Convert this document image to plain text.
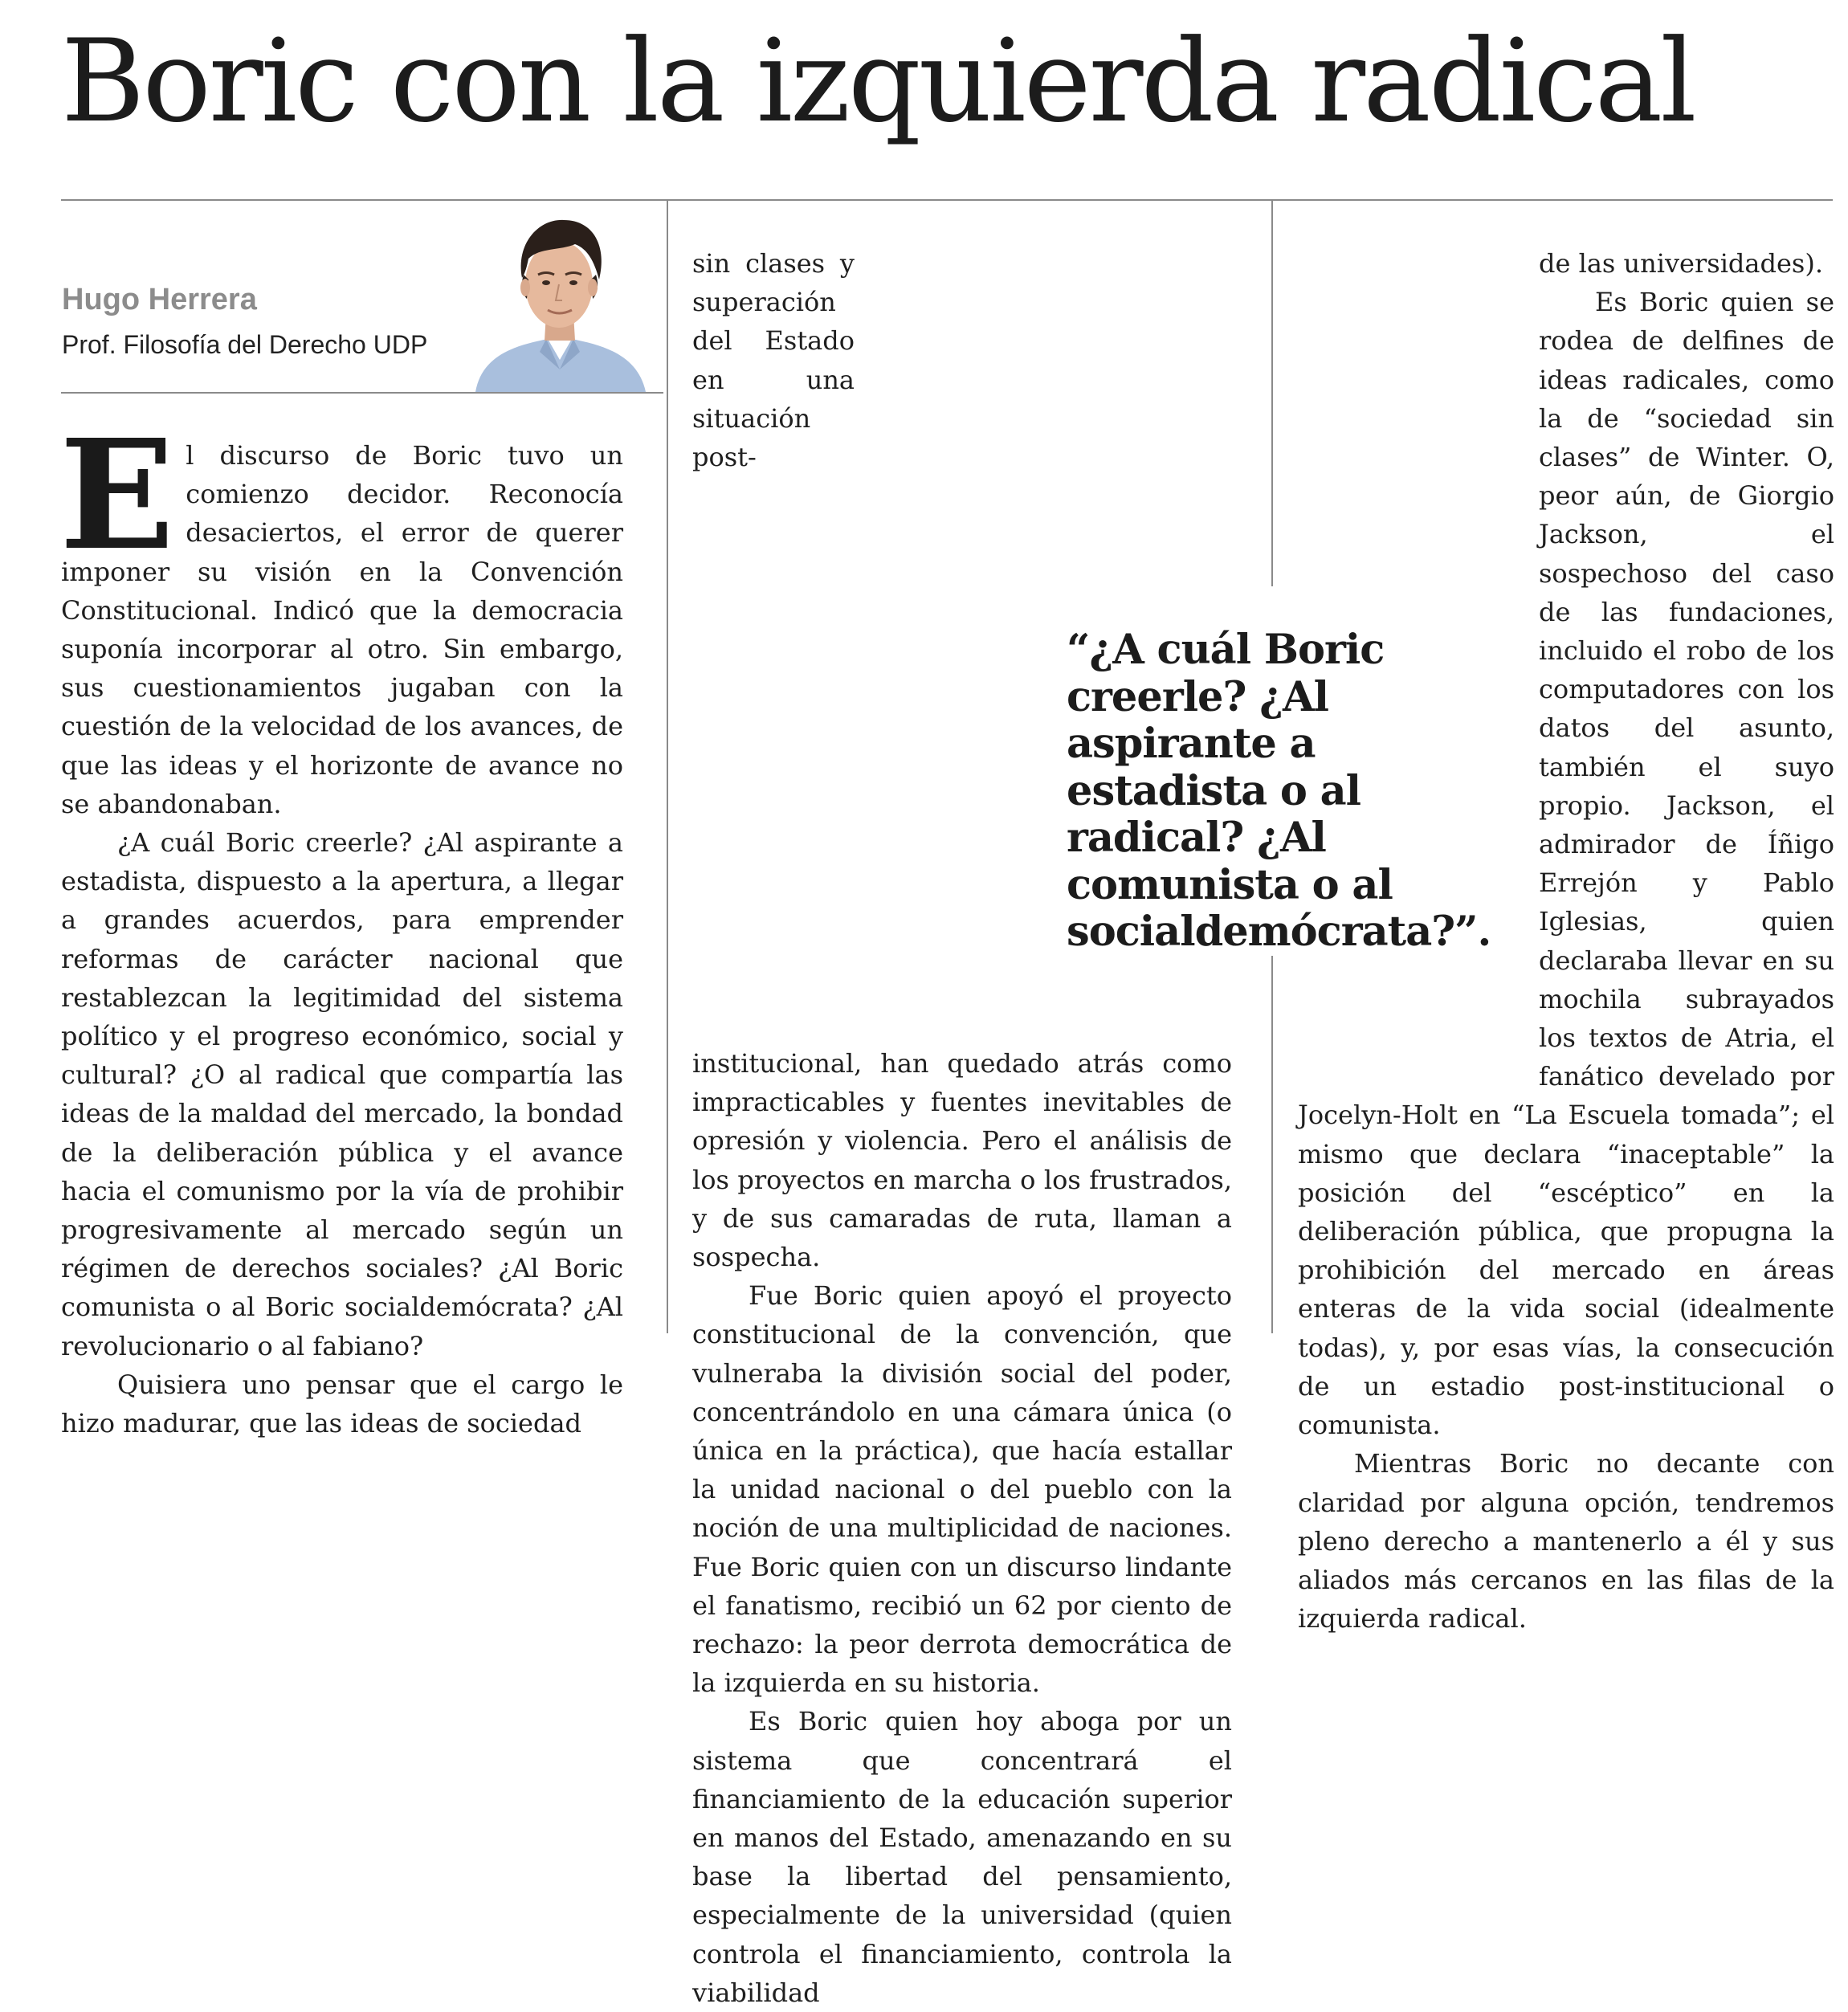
Boric con la izquierda radical
Hugo Herrera
Prof. Filosofía del Derecho UDP

El discurso de Boric tuvo un comienzo decidor. Reconocía desaciertos, el error de querer imponer su visión en la Convención Constitucional. Indicó que la democracia suponía incorporar al otro. Sin embargo, sus cuestionamientos jugaban con la cuestión de la velocidad de los avances, de que las ideas y el horizonte de avance no se abandonaban.

¿A cuál Boric creerle? ¿Al aspirante a estadista, dispuesto a la apertura, a llegar a grandes acuerdos, para emprender reformas de carácter nacional que restablezcan la legitimidad del sistema político y el progreso económico, social y cultural? ¿O al radical que compartía las ideas de la maldad del mercado, la bondad de la deliberación pública y el avance hacia el comunismo por la vía de prohibir progresivamente al mercado según un régimen de derechos sociales? ¿Al Boric comunista o al Boric socialdemócrata? ¿Al revolucionario o al fabiano?

Quisiera uno pensar que el cargo le hizo madurar, que las ideas de sociedad

sin clases y superación del Estado en una situación post-institucional, han quedado atrás como impracticables y fuentes inevitables de opresión y violencia. Pero el análisis de los proyectos en marcha o los frustrados, y de sus camaradas de ruta, llaman a sospecha.

Fue Boric quien apoyó el proyecto constitucional de la convención, que vulneraba la división social del poder, concentrándolo en una cámara única (o única en la práctica), que hacía estallar la unidad nacional o del pueblo con la noción de una multiplicidad de naciones. Fue Boric quien con un discurso lindante el fanatismo, recibió un 62 por ciento de rechazo: la peor derrota democrática de la izquierda en su historia.

Es Boric quien hoy aboga por un sistema que concentrará el financiamiento de la educación superior en manos del Estado, amenazando en su base la libertad del pensamiento, especialmente de la universidad (quien controla el financiamiento, controla la viabilidad

de las universidades).

Es Boric quien se rodea de delfines de ideas radicales, como la de “sociedad sin clases” de Winter. O, peor aún, de Giorgio Jackson, el sospechoso del caso de las fundaciones, incluido el robo de los computadores con los datos del asunto, también el suyo propio. Jackson, el admirador de Íñigo Errejón y Pablo Iglesias, quien declaraba llevar en su mochila subrayados los textos de Atria, el fanático develado por Jocelyn-Holt en “La Escuela tomada”; el mismo que declara “inaceptable” la posición del “escéptico” en la deliberación pública, que propugna la prohibición del mercado en áreas enteras de la vida social (idealmente todas), y, por esas vías, la consecución de un estadio post-institucional o comunista.

Mientras Boric no decante con claridad por alguna opción, tendremos pleno derecho a mantenerlo a él y sus aliados más cercanos en las filas de la izquierda radical.

“¿A cuál Boric creerle? ¿Al aspirante a estadista o al radical? ¿Al comunista o al socialdemócrata?”.
